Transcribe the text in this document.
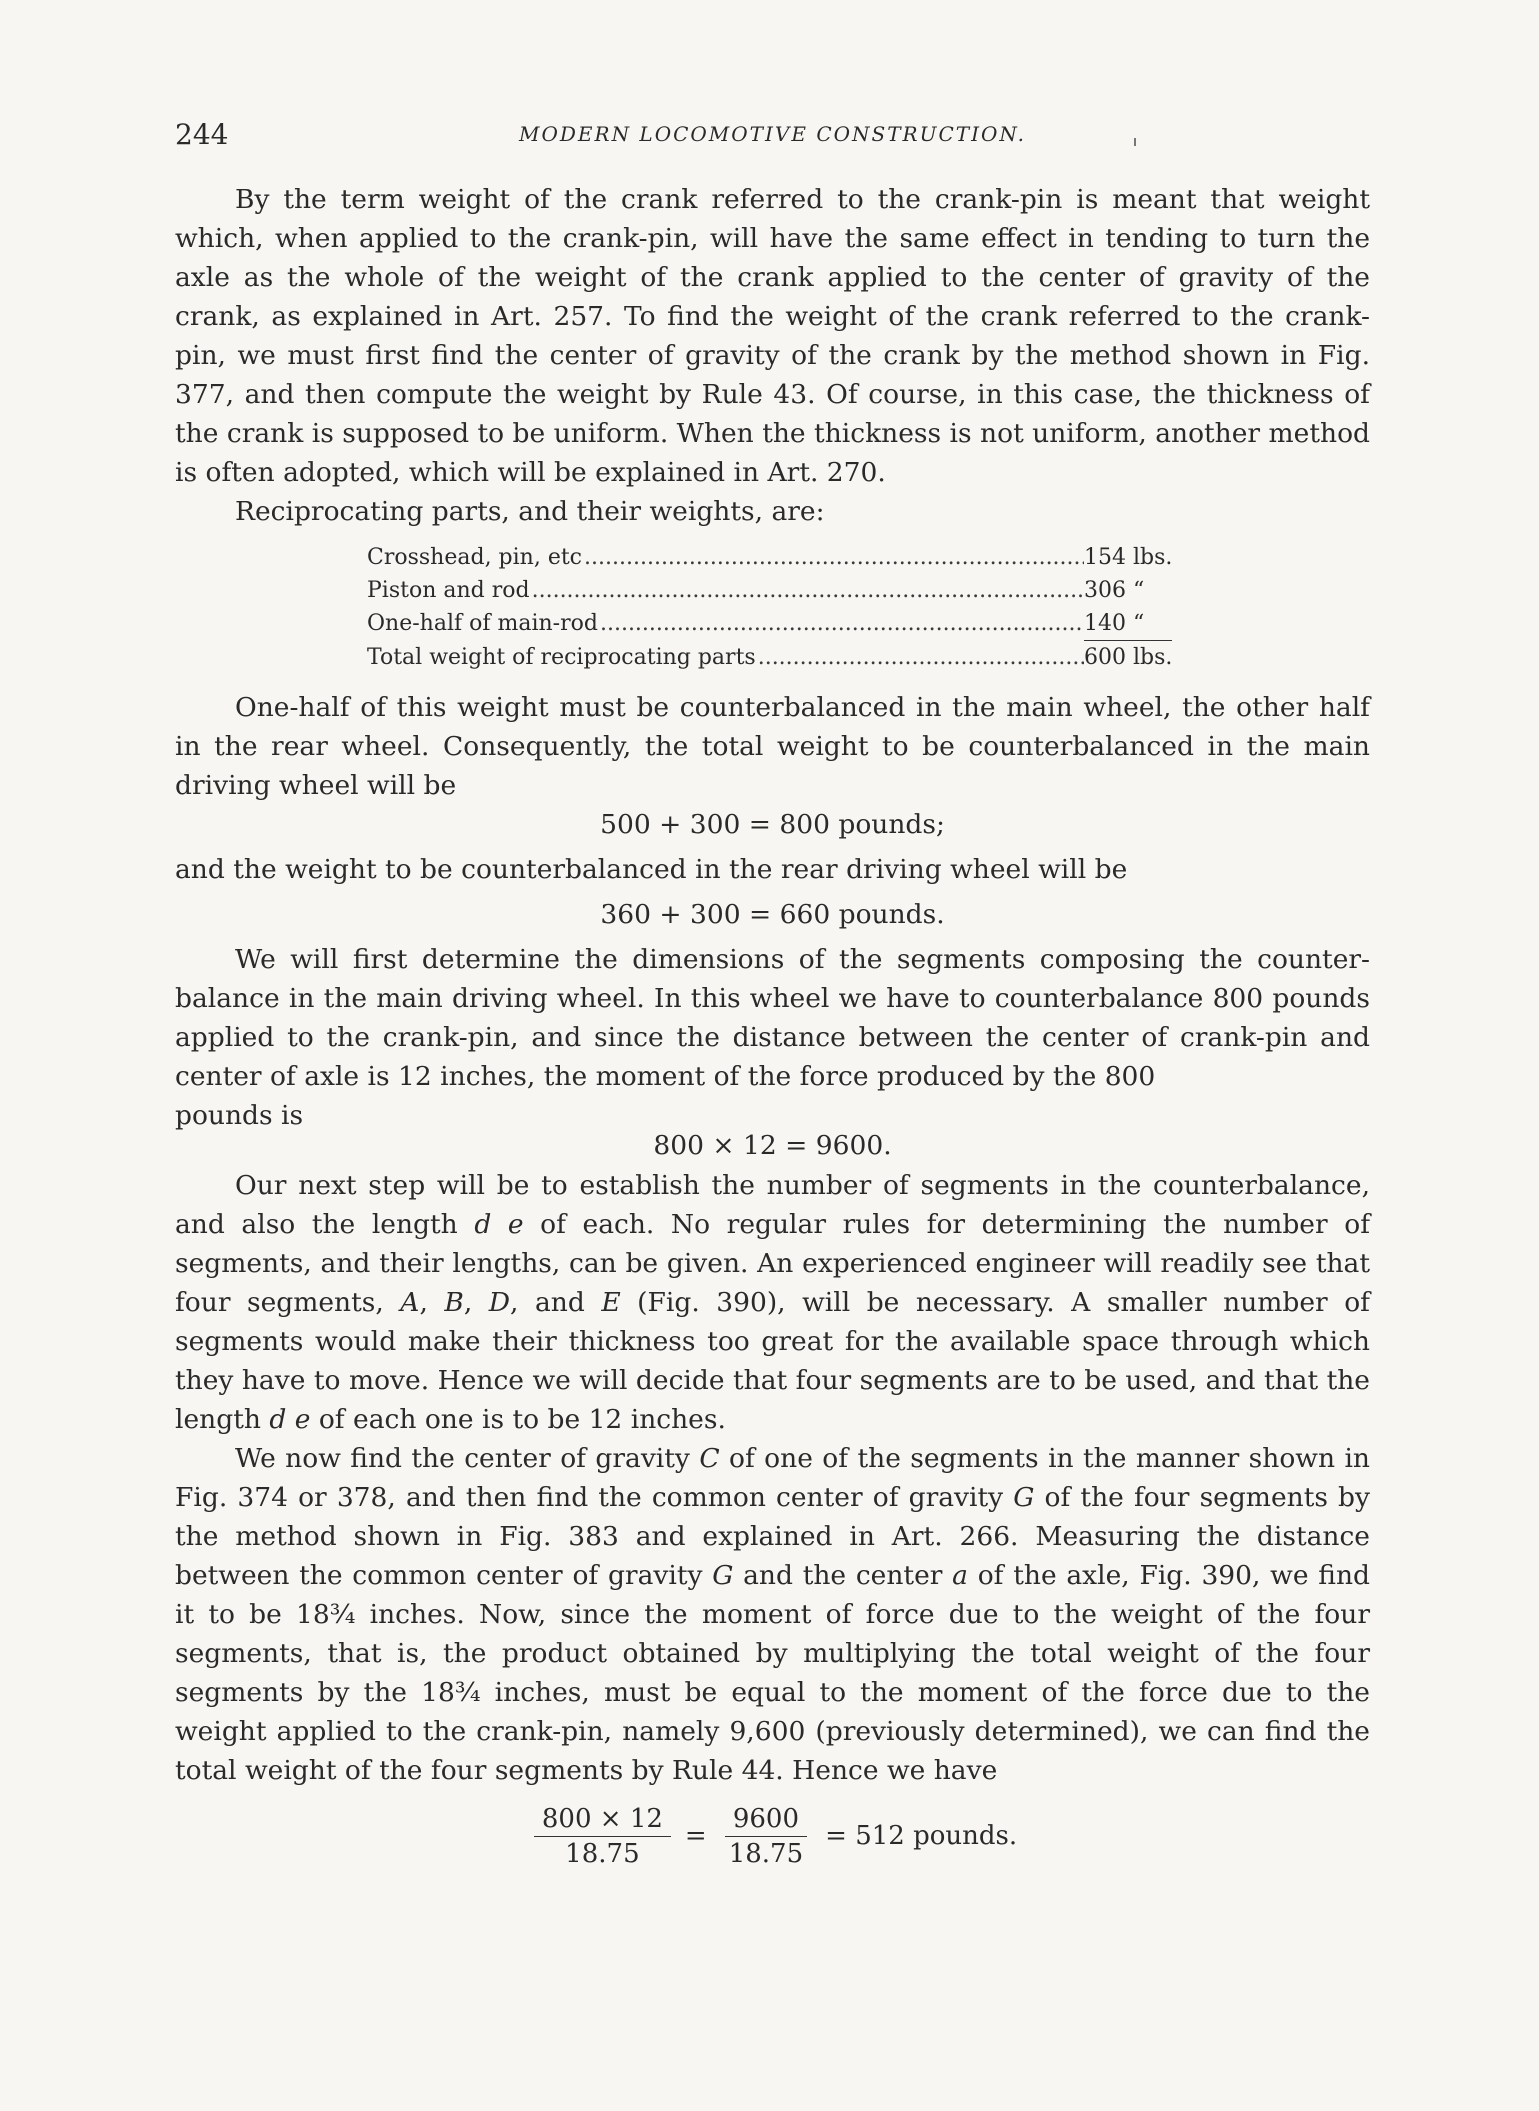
244	MODERN LOCOMOTIVE CONSTRUCTION.

By the term weight of the crank referred to the crank-pin is meant that weight which, when applied to the crank-pin, will have the same effect in tending to turn the axle as the whole of the weight of the crank applied to the center of gravity of the crank, as explained in Art. 257. To find the weight of the crank referred to the crank-pin, we must first find the center of gravity of the crank by the method shown in Fig. 377, and then compute the weight by Rule 43. Of course, in this case, the thickness of the crank is supposed to be uniform. When the thickness is not uniform, another method is often adopted, which will be explained in Art. 270.

Reciprocating parts, and their weights, are:

Crosshead, pin, etc .....	154 lbs.
Piston and rod .....	306 “
One-half of main-rod .....	140 “
Total weight of reciprocating parts .....	600 lbs.

One-half of this weight must be counterbalanced in the main wheel, the other half in the rear wheel. Consequently, the total weight to be counterbalanced in the main driving wheel will be

500 + 300 = 800 pounds;

and the weight to be counterbalanced in the rear driving wheel will be

360 + 300 = 660 pounds.

We will first determine the dimensions of the segments composing the counter-balance in the main driving wheel. In this wheel we have to counterbalance 800 pounds applied to the crank-pin, and since the distance between the center of crank-pin and center of axle is 12 inches, the moment of the force produced by the 800

pounds is
800 × 12 = 9600.

Our next step will be to establish the number of segments in the counterbalance, and also the length d e of each. No regular rules for determining the number of segments, and their lengths, can be given. An experienced engineer will readily see that four segments, A, B, D, and E (Fig. 390), will be necessary. A smaller number of segments would make their thickness too great for the available space through which they have to move. Hence we will decide that four segments are to be used, and that the length d e of each one is to be 12 inches.

We now find the center of gravity C of one of the segments in the manner shown in Fig. 374 or 378, and then find the common center of gravity G of the four segments by the method shown in Fig. 383 and explained in Art. 266. Measuring the distance between the common center of gravity G and the center a of the axle, Fig. 390, we find it to be 18¾ inches. Now, since the moment of force due to the weight of the four segments, that is, the product obtained by multiplying the total weight of the four segments by the 18¾ inches, must be equal to the moment of the force due to the weight applied to the crank-pin, namely 9,600 (previously determined), we can find the total weight of the four segments by Rule 44. Hence we have

$\frac{800 \times 12}{18.75} = \frac{9600}{18.75} = 512$ pounds.
